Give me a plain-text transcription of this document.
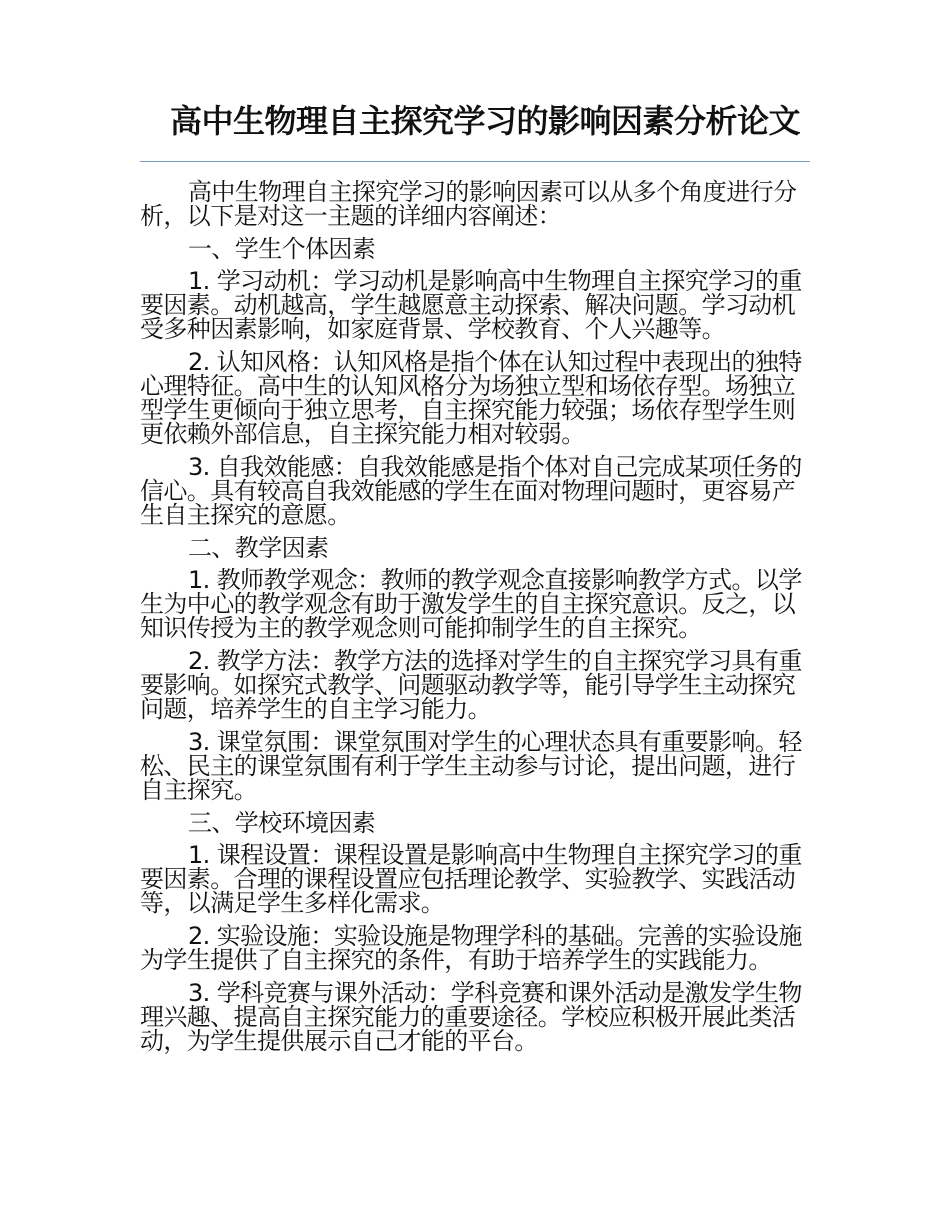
高中生物理自主探究学习的影响因素分析论文

高中生物理自主探究学习的影响因素可以从多个角度进行分析，以下是对这一主题的详细内容阐述：

一、学生个体因素

1. 学习动机：学习动机是影响高中生物理自主探究学习的重要因素。动机越高，学生越愿意主动探索、解决问题。学习动机受多种因素影响，如家庭背景、学校教育、个人兴趣等。

2. 认知风格：认知风格是指个体在认知过程中表现出的独特心理特征。高中生的认知风格分为场独立型和场依存型。场独立型学生更倾向于独立思考，自主探究能力较强；场依存型学生则更依赖外部信息，自主探究能力相对较弱。

3. 自我效能感：自我效能感是指个体对自己完成某项任务的信心。具有较高自我效能感的学生在面对物理问题时，更容易产生自主探究的意愿。

二、教学因素

1. 教师教学观念：教师的教学观念直接影响教学方式。以学生为中心的教学观念有助于激发学生的自主探究意识。反之，以知识传授为主的教学观念则可能抑制学生的自主探究。

2. 教学方法：教学方法的选择对学生的自主探究学习具有重要影响。如探究式教学、问题驱动教学等，能引导学生主动探究问题，培养学生的自主学习能力。

3. 课堂氛围：课堂氛围对学生的心理状态具有重要影响。轻松、民主的课堂氛围有利于学生主动参与讨论，提出问题，进行自主探究。

三、学校环境因素

1. 课程设置：课程设置是影响高中生物理自主探究学习的重要因素。合理的课程设置应包括理论教学、实验教学、实践活动等，以满足学生多样化需求。

2. 实验设施：实验设施是物理学科的基础。完善的实验设施为学生提供了自主探究的条件，有助于培养学生的实践能力。

3. 学科竞赛与课外活动：学科竞赛和课外活动是激发学生物理兴趣、提高自主探究能力的重要途径。学校应积极开展此类活动，为学生提供展示自己才能的平台。
